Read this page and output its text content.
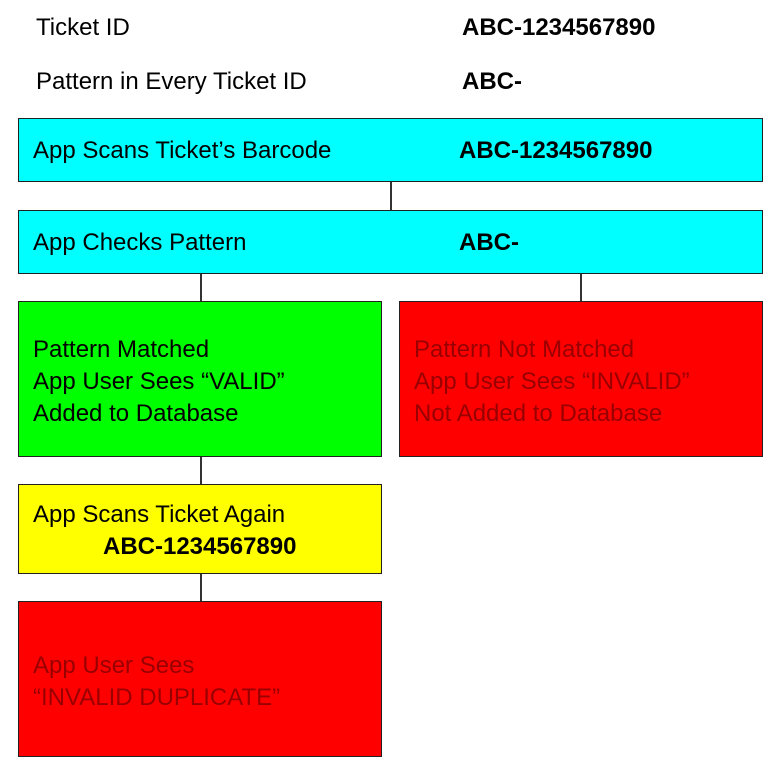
Ticket ID	ABC-1234567890
Pattern in Every Ticket ID	ABC-
App Scans Ticket’s Barcode	ABC-1234567890
App Checks Pattern	ABC-
Pattern Matched
App User Sees “VALID”
Added to Database
Pattern Not Matched
App User Sees “INVALID”
Not Added to Database
App Scans Ticket Again
ABC-1234567890
App User Sees
“INVALID DUPLICATE”
